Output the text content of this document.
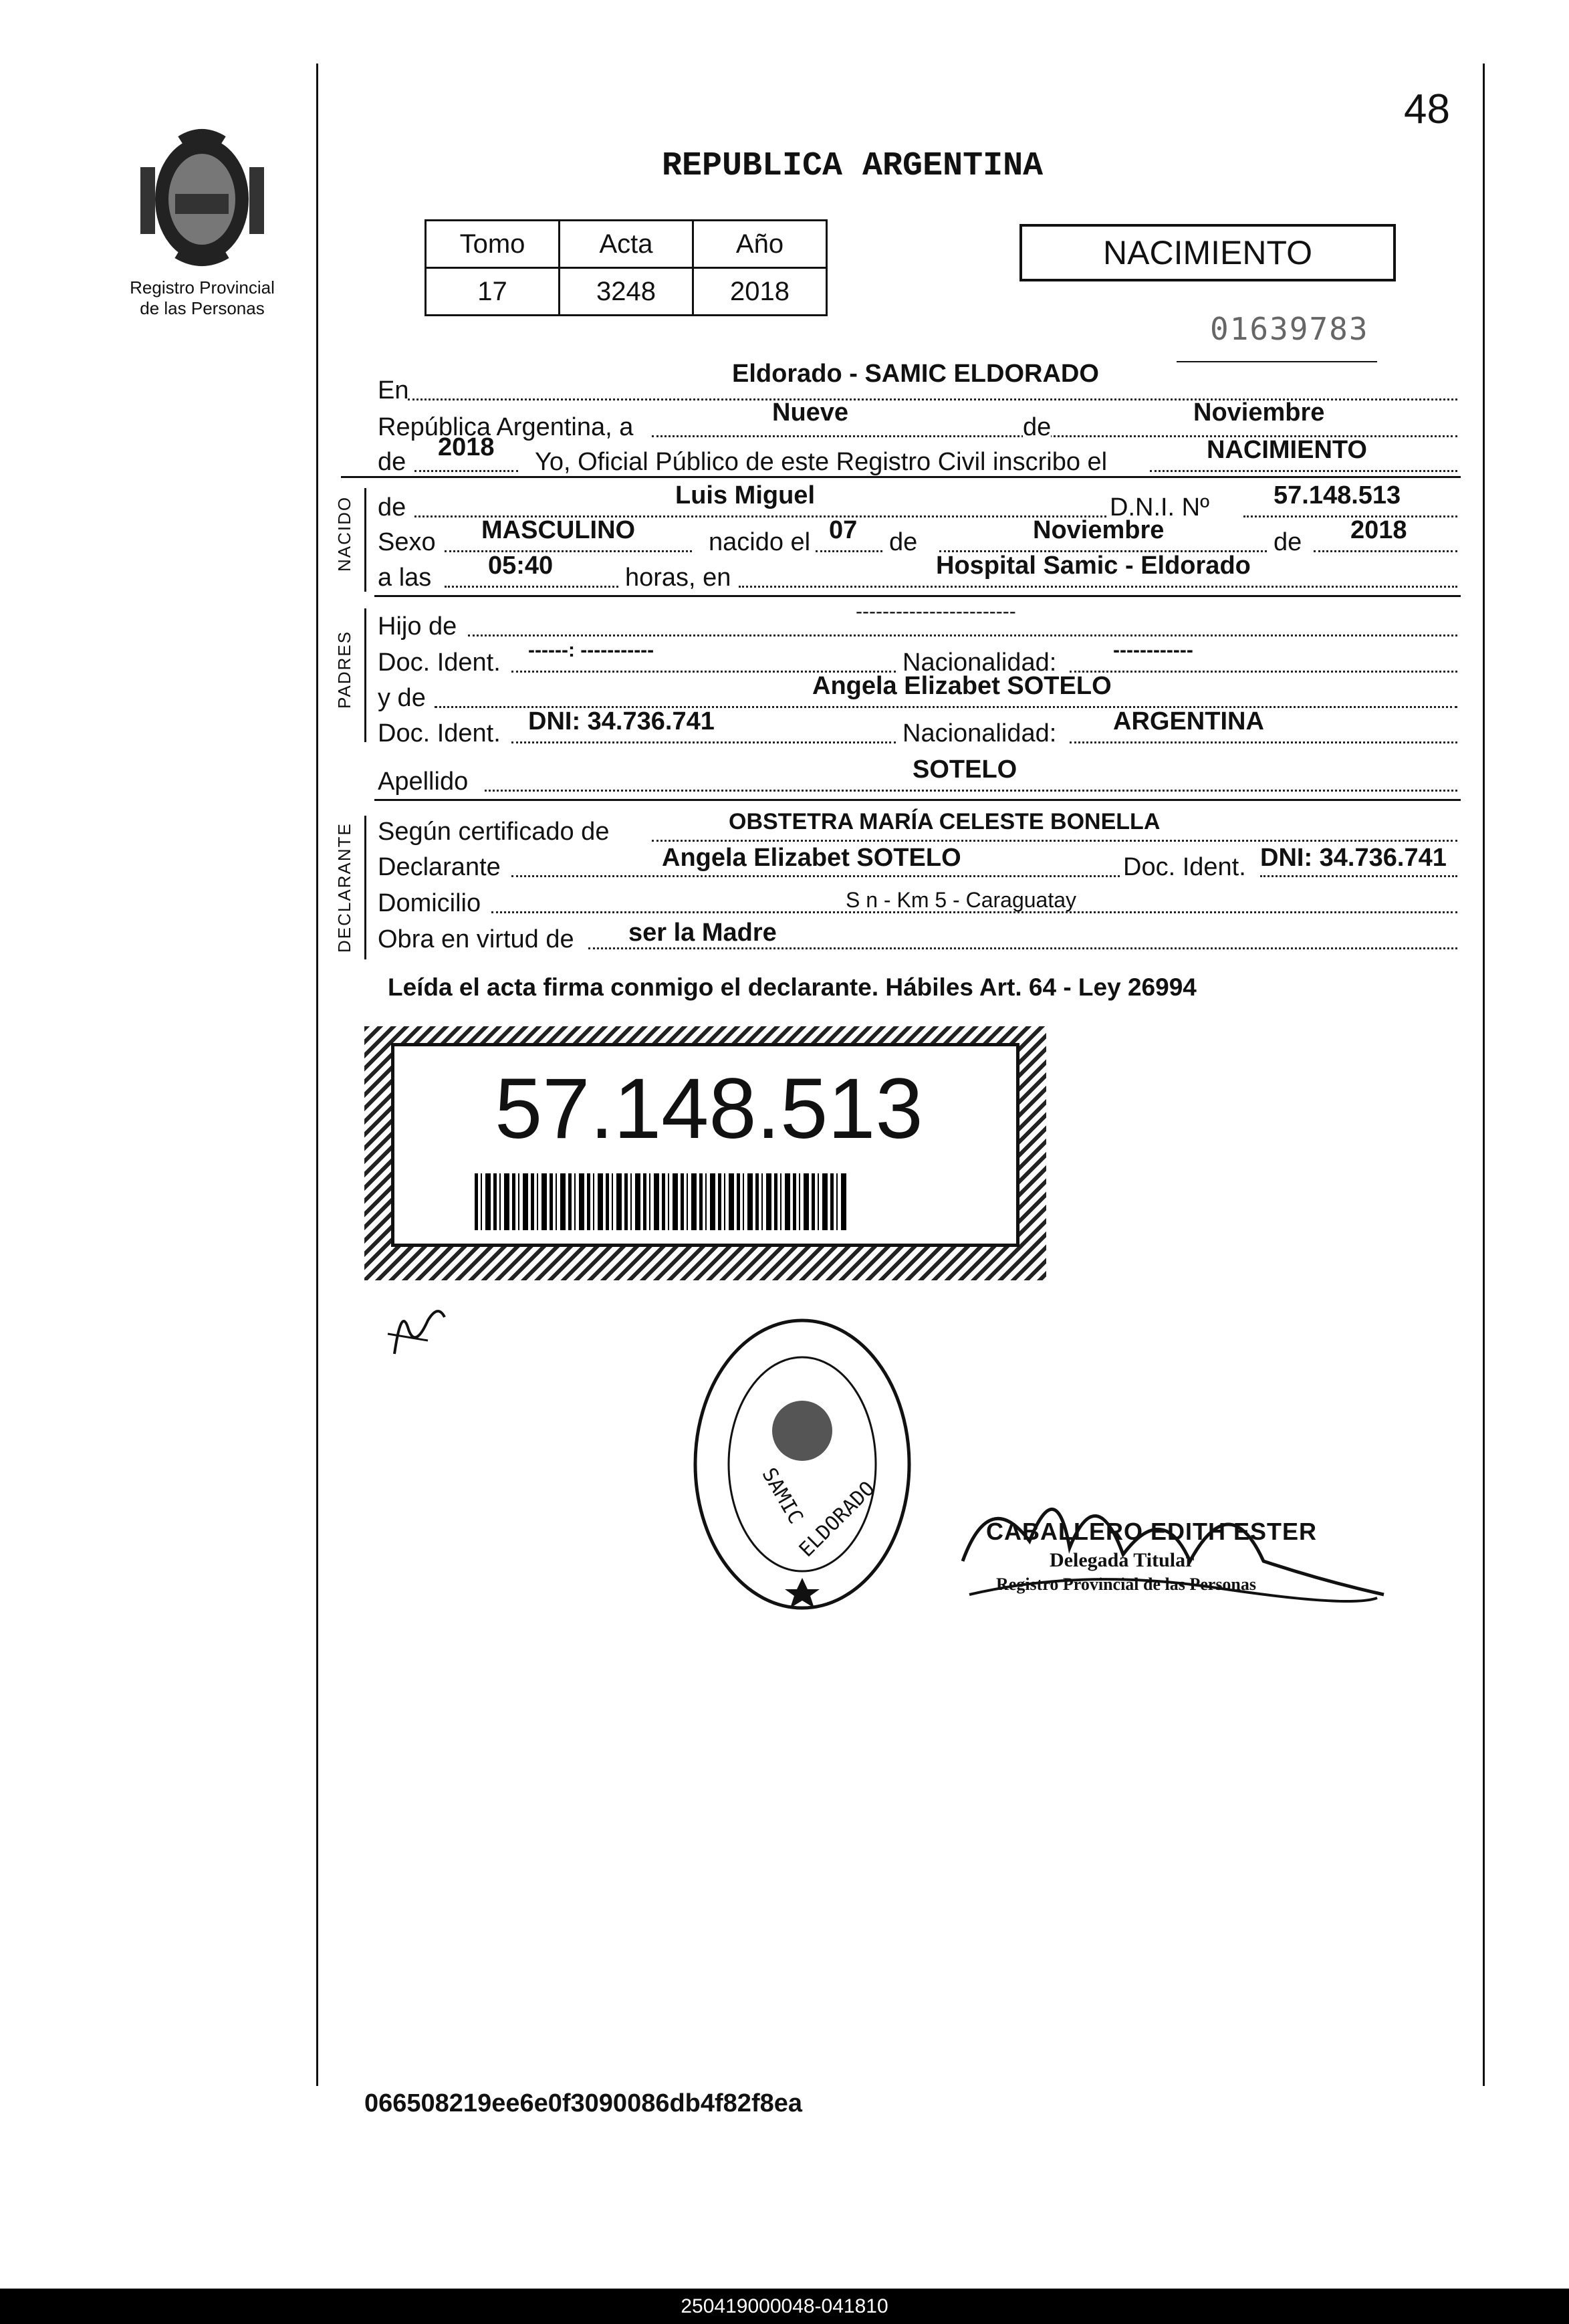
48
Registro Provincial
de las Personas
REPUBLICA ARGENTINA
Tomo	Acta	Año
17	3248	2018
NACIMIENTO
01639783
En
Eldorado - SAMIC ELDORADO
República Argentina, a
Nueve
de
Noviembre
de
2018
Yo, Oficial Público de este Registro Civil inscribo el	NACIMIENTO
NACIDO de	Luis Miguel	D.N.I. Nº	57.148.513
Sexo MASCULINO	nacido el 07 de	Noviembre	de 2018
a las 05:40	horas, en	Hospital Samic - Eldorado
PADRES
Hijo de
------------------------
Doc. Ident. ------: -----------	Nacionalidad:	------------
y de	Angela Elizabet SOTELO
Doc. Ident. DNI: 34.736.741	Nacionalidad: ARGENTINA
Apellido	SOTELO
DECLARANTE Según certificado de	OBSTETRA MARÍA CELESTE BONELLA
Declarante	Angela Elizabet SOTELO	Doc. Ident. DNI: 34.736.741
Domicilio	S n - Km 5 - Caraguatay
Obra en virtud de ser la Madre
Leída el acta firma conmigo el declarante. Hábiles Art. 64 - Ley 26994
57.148.513
SAMIC
ELDORADO	CABALLERO EDITH ESTER
Delegada Titular
Registro Provincial de las Personas
066508219ee6e0f3090086db4f82f8ea
250419000048-041810
